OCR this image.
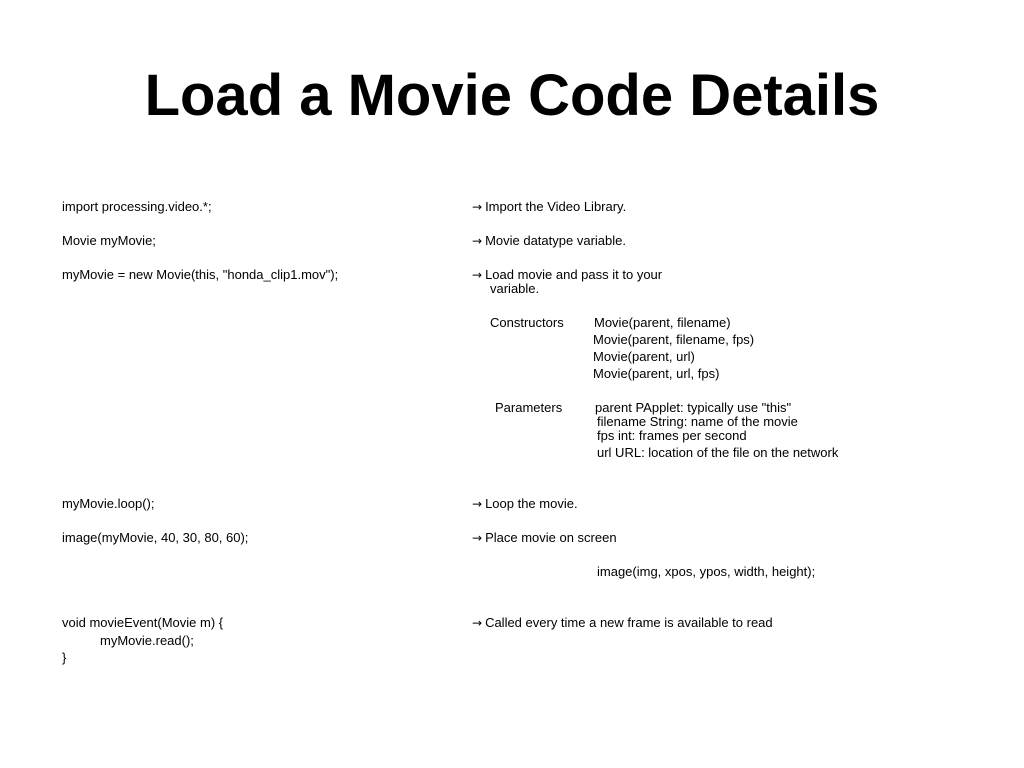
Load a Movie Code Details
import processing.video.*;
Movie myMovie;
myMovie = new Movie(this, "honda_clip1.mov");
myMovie.loop();
image(myMovie, 40, 30, 80, 60);
void movieEvent(Movie m) {
myMovie.read();
}
→ Import the Video Library.
→ Movie datatype variable.
→ Load movie and pass it to your
variable.
Constructors Movie(parent, filename)
Movie(parent, filename, fps)
Movie(parent, url)
Movie(parent, url, fps)
Parameters	parent PApplet: typically use "this"
filename String: name of the movie
fps int: frames per second
url URL: location of the file on the network
→ Loop the movie.
→ Place movie on screen
image(img, xpos, ypos, width, height);
→ Called every time a new frame is available to read
